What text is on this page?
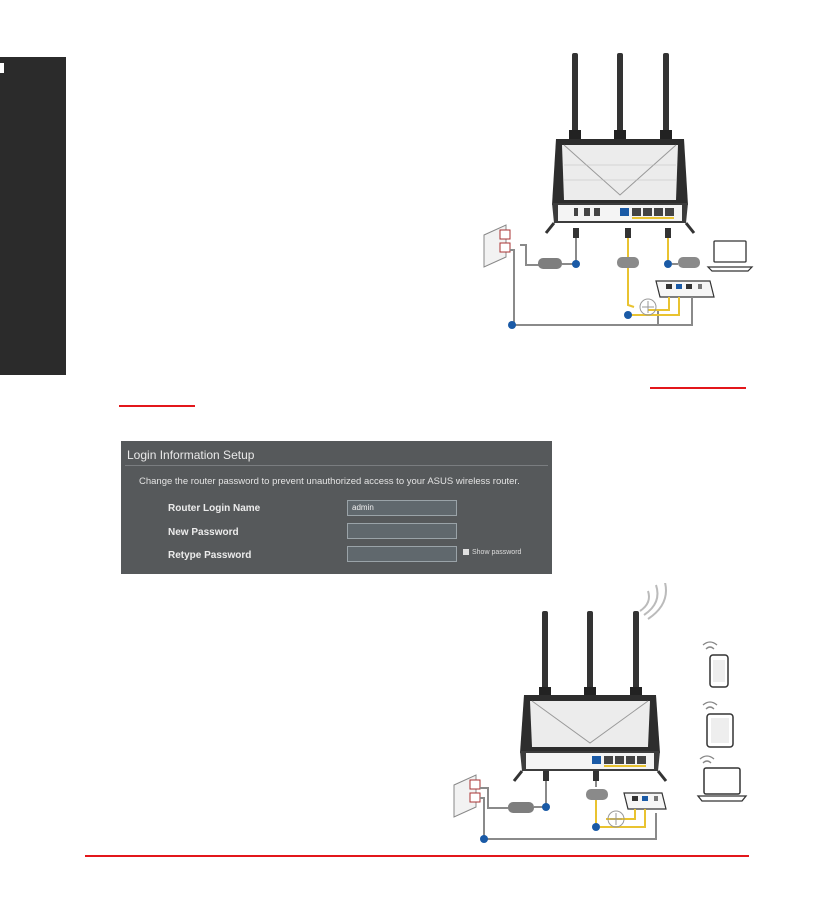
Login Information Setup
Change the router password to prevent unauthorized access to your ASUS wireless router.
Router Login Name
admin
New Password
Retype Password	Show password
